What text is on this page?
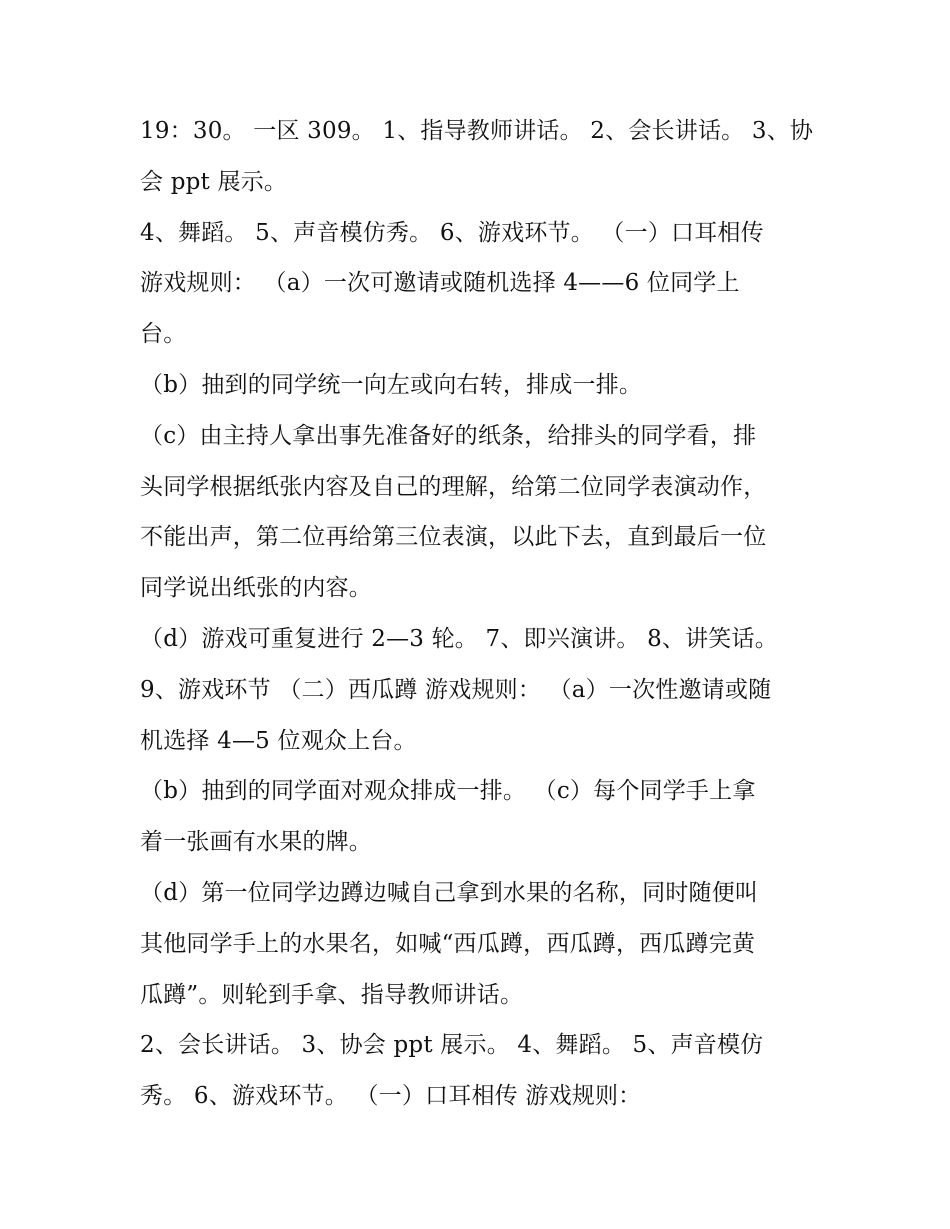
19：30。 一区 309。 1、指导教师讲话。 2、会长讲话。 3、协
会 ppt 展示。
4、舞蹈。 5、声音模仿秀。 6、游戏环节。 （一）口耳相传
游戏规则： （a）一次可邀请或随机选择 4——6 位同学上
台。
（b）抽到的同学统一向左或向右转，排成一排。
（c）由主持人拿出事先准备好的纸条，给排头的同学看，排
头同学根据纸张内容及自己的理解，给第二位同学表演动作，
不能出声，第二位再给第三位表演，以此下去，直到最后一位
同学说出纸张的内容。
（d）游戏可重复进行 2—3 轮。 7、即兴演讲。 8、讲笑话。
9、游戏环节 （二）西瓜蹲 游戏规则： （a）一次性邀请或随
机选择 4—5 位观众上台。
（b）抽到的同学面对观众排成一排。 （c）每个同学手上拿
着一张画有水果的牌。
（d）第一位同学边蹲边喊自己拿到水果的名称，同时随便叫
其他同学手上的水果名，如喊“西瓜蹲，西瓜蹲，西瓜蹲完黄
瓜蹲”。则轮到手拿、指导教师讲话。
2、会长讲话。 3、协会 ppt 展示。 4、舞蹈。 5、声音模仿
秀。 6、游戏环节。 （一）口耳相传 游戏规则：
